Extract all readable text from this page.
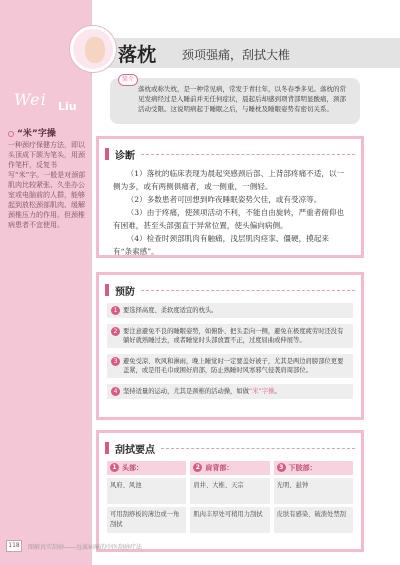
Wei Liu
落枕 颈项强痛，刮拭大椎
落枕或称失枕，是一种常见病，常发于青壮年，以冬春季多见。落枕的常见发病经过是入睡前并无任何症状，晨起后却感到项背部明显酸痛，颈部活动受限。这说明病起于睡眠之后，与睡枕及睡眠姿势有密切关系。
简介
“米”字操
一种颈疗保健方法，即以头顶成下颌为笔头，用颈作笔杆，反复书写“米”字。一般是对颈部肌肉比较紧张、久坐办公室或电脑前的人群，能够起到放松颈部肌肉、缓解颈椎压力的作用。但颈椎病患者不宜使用。
诊断

（1）落枕的临床表现为晨起突感颈后部、上背部疼痛不适，以一侧为多，或有两侧俱痛者，或一侧重，一侧轻。

（2）多数患者可回想到昨夜睡眠姿势欠佳，或有受凉等。

（3）由于疼痛，使颈项活动不利，不能自由旋转，严重者俯仰也有困难，甚至头部强直于异常位置，使头偏向病侧。

（4）检查时颈部肌肉有触痛，浅层肌肉痉挛、僵硬，摸起来有“条索感”。

预防
1 要选择高度、柔软度适宜的枕头。
2 要注意避免不良的睡眠姿势，如俯卧、把头歪向一侧，避免在极度疲劳时还没有躺好就熟睡过去，或者睡觉时头部放置不正，过度屈曲或伸展等。
3 避免受凉、吹风和淋雨，晚上睡觉时一定要盖好被子，尤其是两边肩膀部位更要盖紧，或是用毛巾或围好肩部，防止熟睡时风寒邪气侵袭肩周部位。
4 坚持适量的运动，尤其是颈椎的活动操，如做“米”字操。
刮拭要点
1 头部：
风府、风池
可用刮痧板的薄边或一角刮拭
2 肩背部：
肩井、大椎、天宗
肌肉丰厚处可稍用力刮拭
3 下肢部：
光明、悬钟
皮肤有感染、破溃处禁刮
118	图解真实刮痧——远离病痛的中医刮痧疗法
